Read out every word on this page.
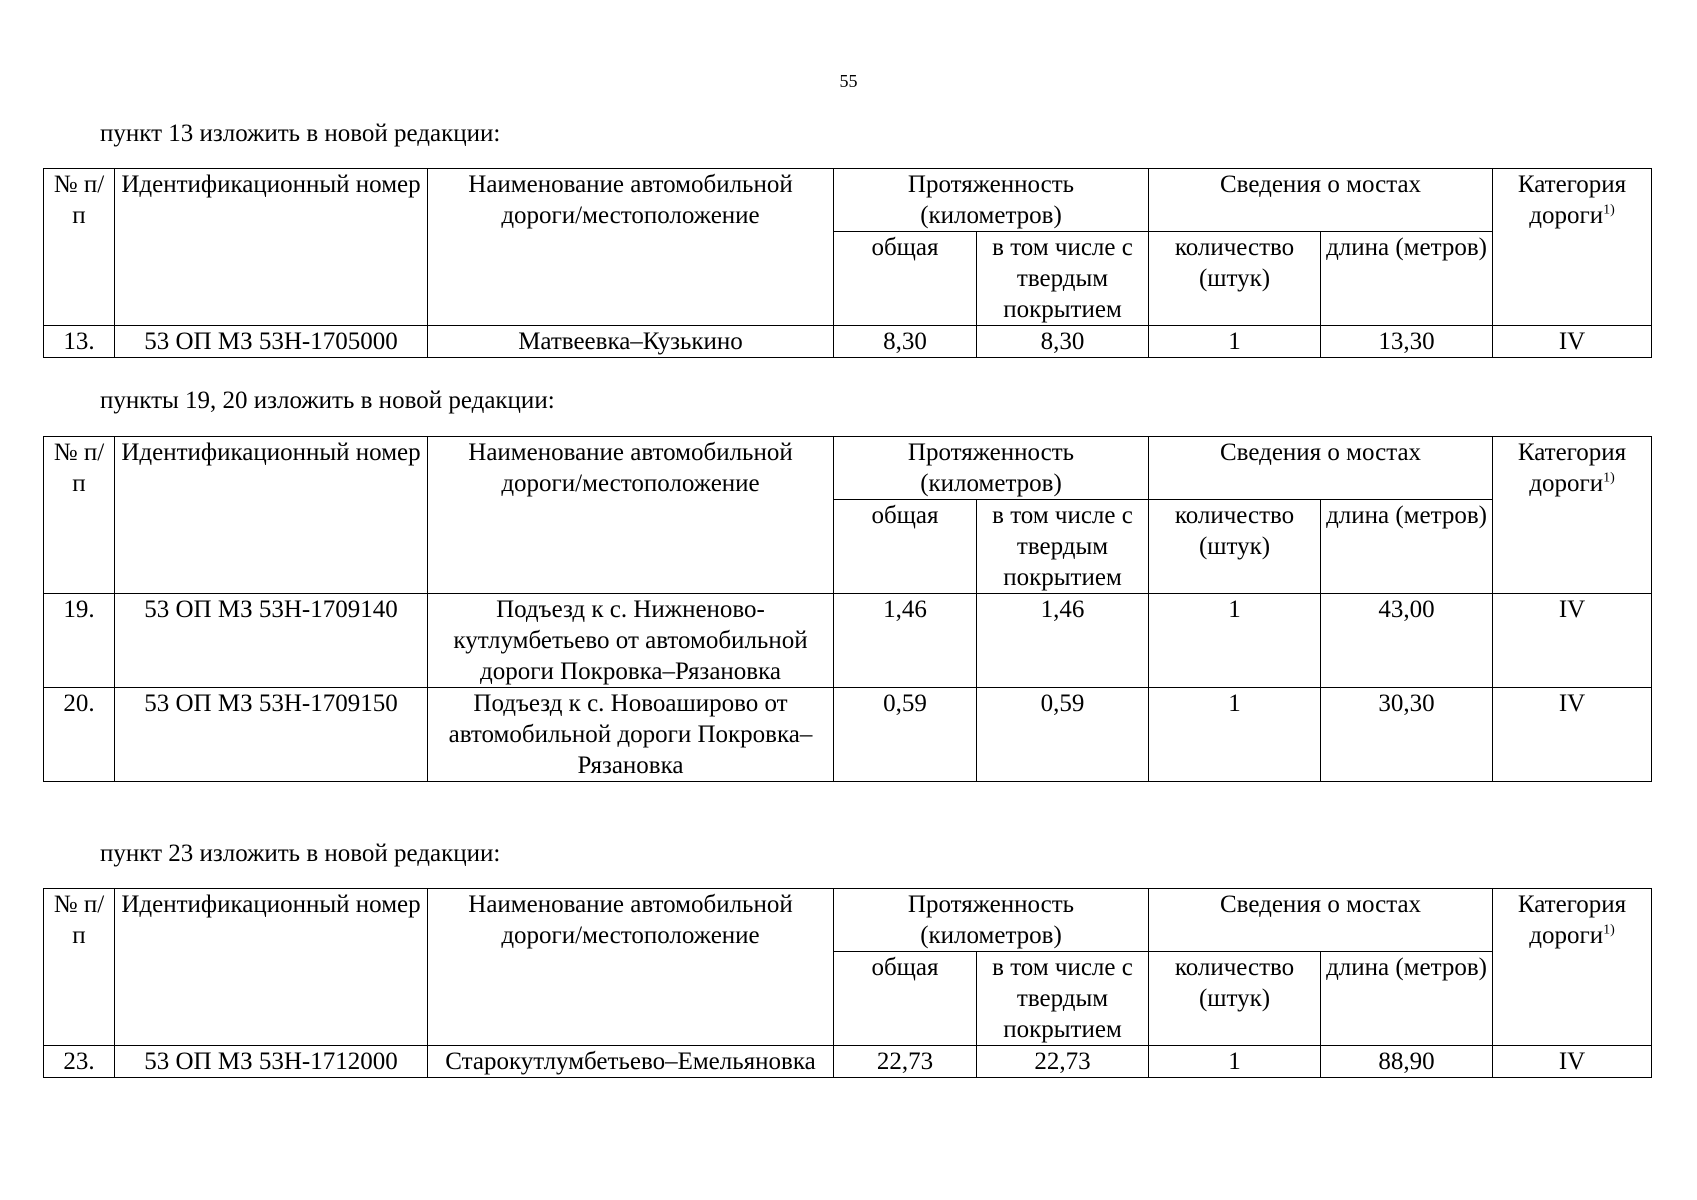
55
пункт 13 изложить в новой редакции:
№ п/п	Идентификационный номер	Наименование автомобильной дороги/местоположение	Протяженность (километров)		Сведения о мостах		Категория дороги$^{1)}$
			общая	в том числе с твердым покрытием	количество (штук)	длина (метров)	
13.	53 ОП МЗ 53Н-1705000	Матвеевка–Кузькино	8,30	8,30	1	13,30	IV
пункты 19, 20 изложить в новой редакции:
№ п/п	Идентификационный номер	Наименование автомобильной дороги/местоположение	Протяженность (километров)		Сведения о мостах		Категория дороги$^{1)}$
			общая	в том числе с твердым покрытием	количество (штук)	длина (метров)	
19.	53 ОП МЗ 53Н-1709140	Подъезд к с. Нижненово-кутлумбетьево от автомобильной дороги Покровка–Рязановка	1,46	1,46	1	43,00	IV
20.	53 ОП МЗ 53Н-1709150	Подъезд к с. Новоаширово от автомобильной дороги Покровка–Рязановка	0,59	0,59	1	30,30	IV
пункт 23 изложить в новой редакции:
№ п/п	Идентификационный номер	Наименование автомобильной дороги/местоположение	Протяженность (километров)		Сведения о мостах		Категория дороги$^{1)}$
			общая	в том числе с твердым покрытием	количество (штук)	длина (метров)	
23.	53 ОП МЗ 53Н-1712000	Старокутлумбетьево–Емельяновка	22,73	22,73	1	88,90	IV
